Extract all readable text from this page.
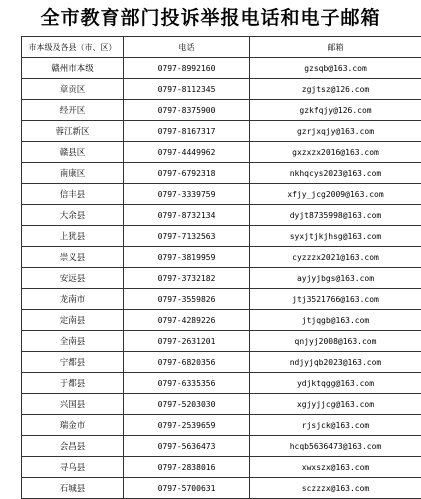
全市教育部门投诉举报电话和电子邮箱
市本级及各县（市、区）	电话	邮箱
赣州市本级	0797-8992160	gzsqb@163.com
章贡区	0797-8112345	zgjtsz@126.com
经开区	0797-8375900	gzkfqjy@126.com
蓉江新区	0797-8167317	gzrjxqjy@163.com
赣县区	0797-4449962	gxzxzx2016@163.com
南康区	0797-6792318	nkhqcys2023@163.com
信丰县	0797-3339759	xfjy_jcg2009@163.com
大余县	0797-8732134	dyjt8735998@163.com
上犹县	0797-7132563	syxjtjkjhsg@163.com
崇义县	0797-3819959	cyzzzx2021@163.com
安远县	0797-3732182	ayjyjbgs@163.com
龙南市	0797-3559826	jtj3521766@163.com
定南县	0797-4289226	jtjqgb@163.com
全南县	0797-2631201	qnjyj2008@163.com
宁都县	0797-6820356	ndjyjqb2023@163.com
于都县	0797-6335356	ydjktqgg@163.com
兴国县	0797-5203030	xgjyjjcg@163.com
瑞金市	0797-2539659	rjsjck@163.com
会昌县	0797-5636473	hcqb5636473@163.com
寻乌县	0797-2838016	xwxszx@163.com
石城县	0797-5700631	sczzzx@163.com
